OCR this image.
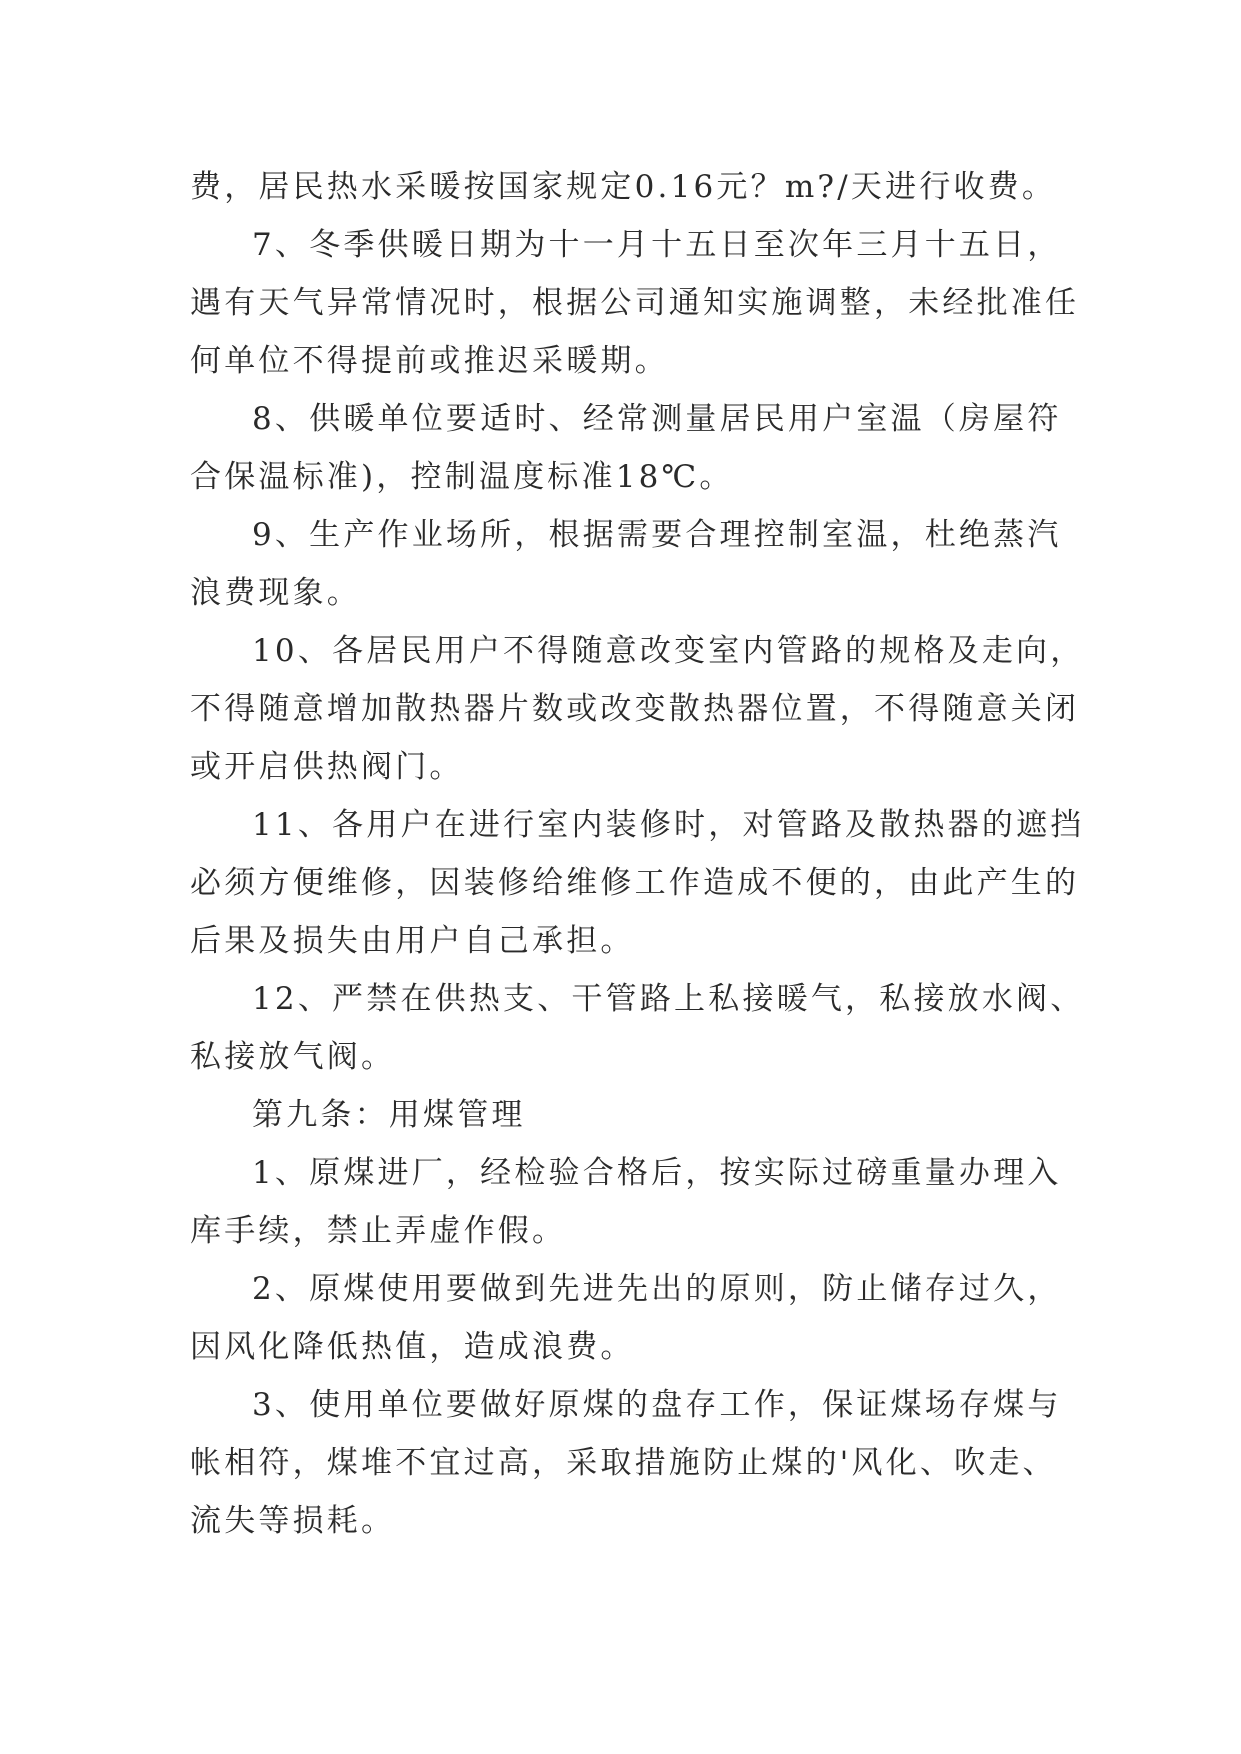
费，居民热水采暖按国家规定0.16元？m?/天进行收费。
7、冬季供暖日期为十一月十五日至次年三月十五日，
遇有天气异常情况时，根据公司通知实施调整，未经批准任
何单位不得提前或推迟采暖期。
8、供暖单位要适时、经常测量居民用户室温（房屋符
合保温标准)，控制温度标准18℃。
9、生产作业场所，根据需要合理控制室温，杜绝蒸汽
浪费现象。
10、各居民用户不得随意改变室内管路的规格及走向，
不得随意增加散热器片数或改变散热器位置，不得随意关闭
或开启供热阀门。
11、各用户在进行室内装修时，对管路及散热器的遮挡
必须方便维修，因装修给维修工作造成不便的，由此产生的
后果及损失由用户自己承担。
12、严禁在供热支、干管路上私接暖气，私接放水阀、
私接放气阀。
第九条：用煤管理
1、原煤进厂，经检验合格后，按实际过磅重量办理入
库手续，禁止弄虚作假。
2、原煤使用要做到先进先出的原则，防止储存过久，
因风化降低热值，造成浪费。
3、使用单位要做好原煤的盘存工作，保证煤场存煤与
帐相符，煤堆不宜过高，采取措施防止煤的'风化、吹走、
流失等损耗。
